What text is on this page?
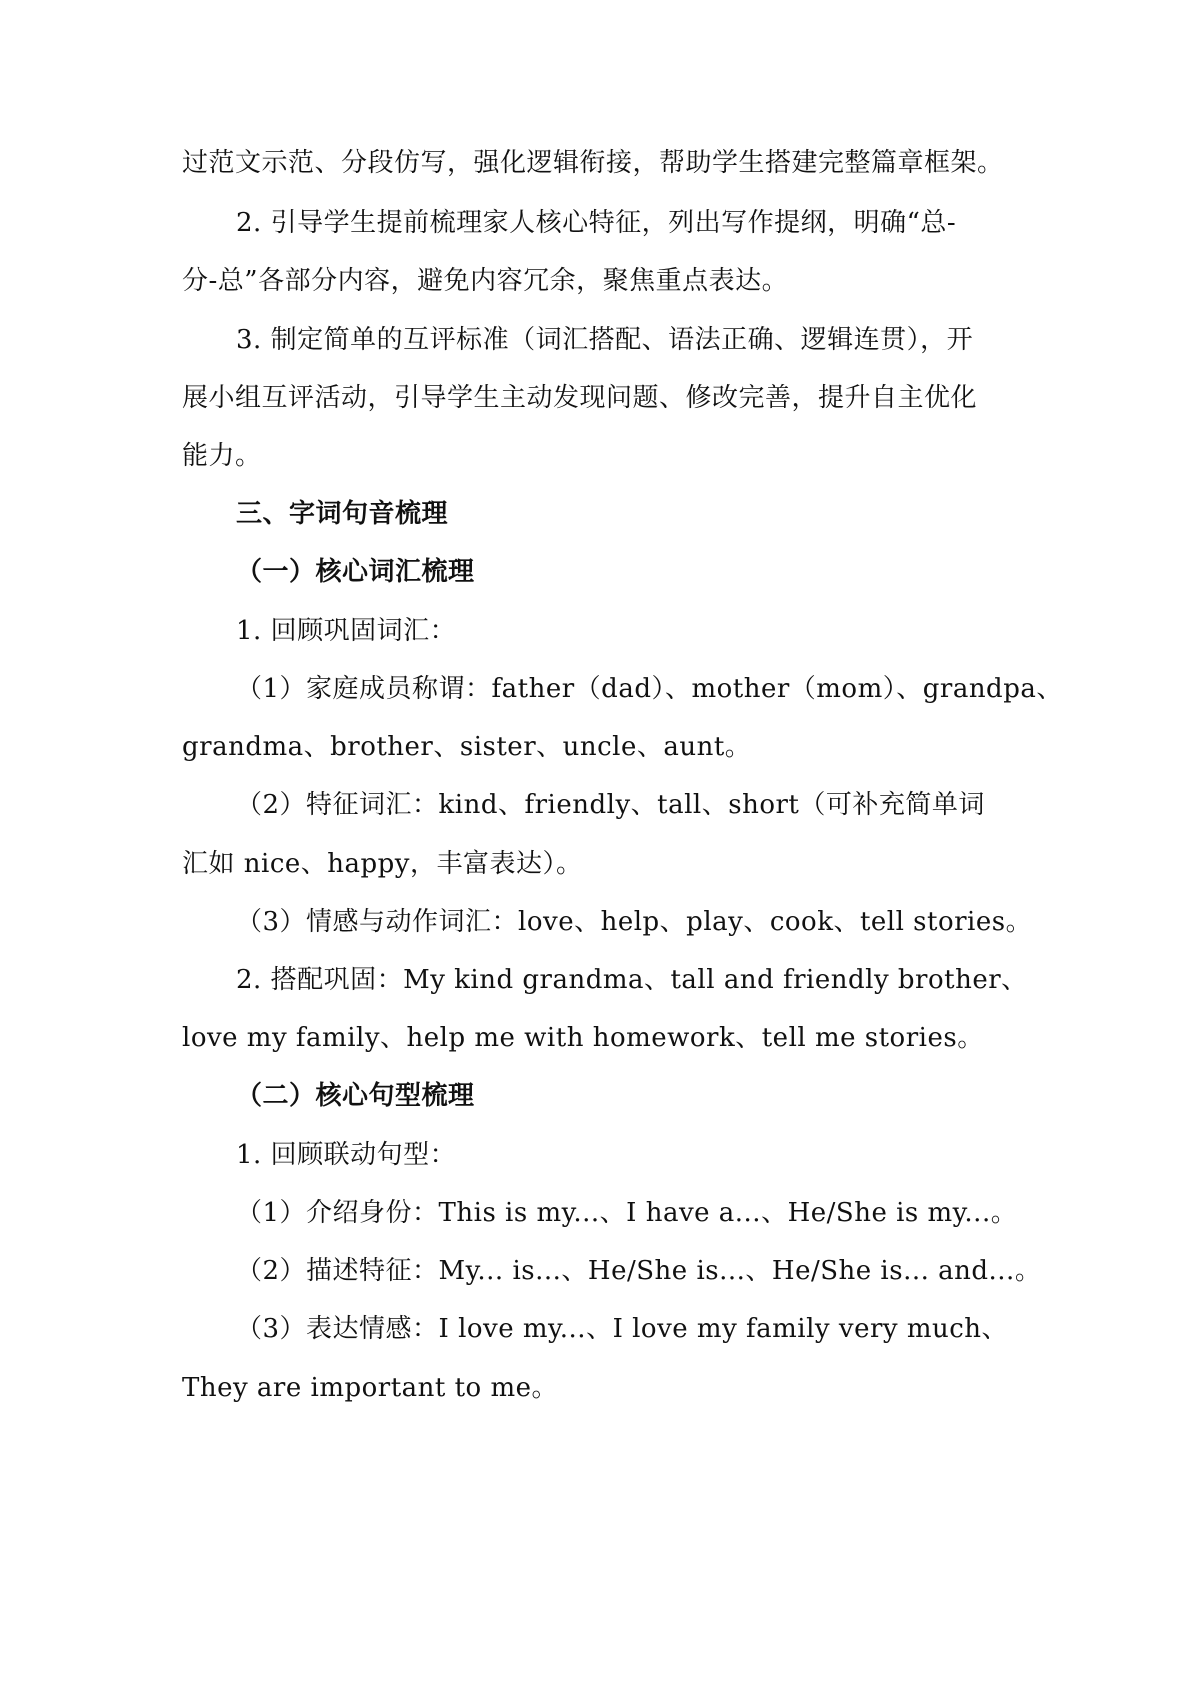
过范文示范、分段仿写，强化逻辑衔接，帮助学生搭建完整篇章框架。
2. 引导学生提前梳理家人核心特征，列出写作提纲，明确“总-
分-总”各部分内容，避免内容冗余，聚焦重点表达。
3. 制定简单的互评标准（词汇搭配、语法正确、逻辑连贯），开
展小组互评活动，引导学生主动发现问题、修改完善，提升自主优化
能力。
三、字词句音梳理
（一）核心词汇梳理
1. 回顾巩固词汇：
（1）家庭成员称谓：father（dad）、mother（mom）、grandpa、
grandma、brother、sister、uncle、aunt。
（2）特征词汇：kind、friendly、tall、short（可补充简单词
汇如 nice、happy，丰富表达）。
（3）情感与动作词汇：love、help、play、cook、tell stories。
2. 搭配巩固：My kind grandma、tall and friendly brother、
love my family、help me with homework、tell me stories。
（二）核心句型梳理
1. 回顾联动句型：
（1）介绍身份：This is my...、I have a...、He/She is my...。
（2）描述特征：My... is...、He/She is...、He/She is... and...。
（3）表达情感：I love my...、I love my family very much、
They are important to me。
